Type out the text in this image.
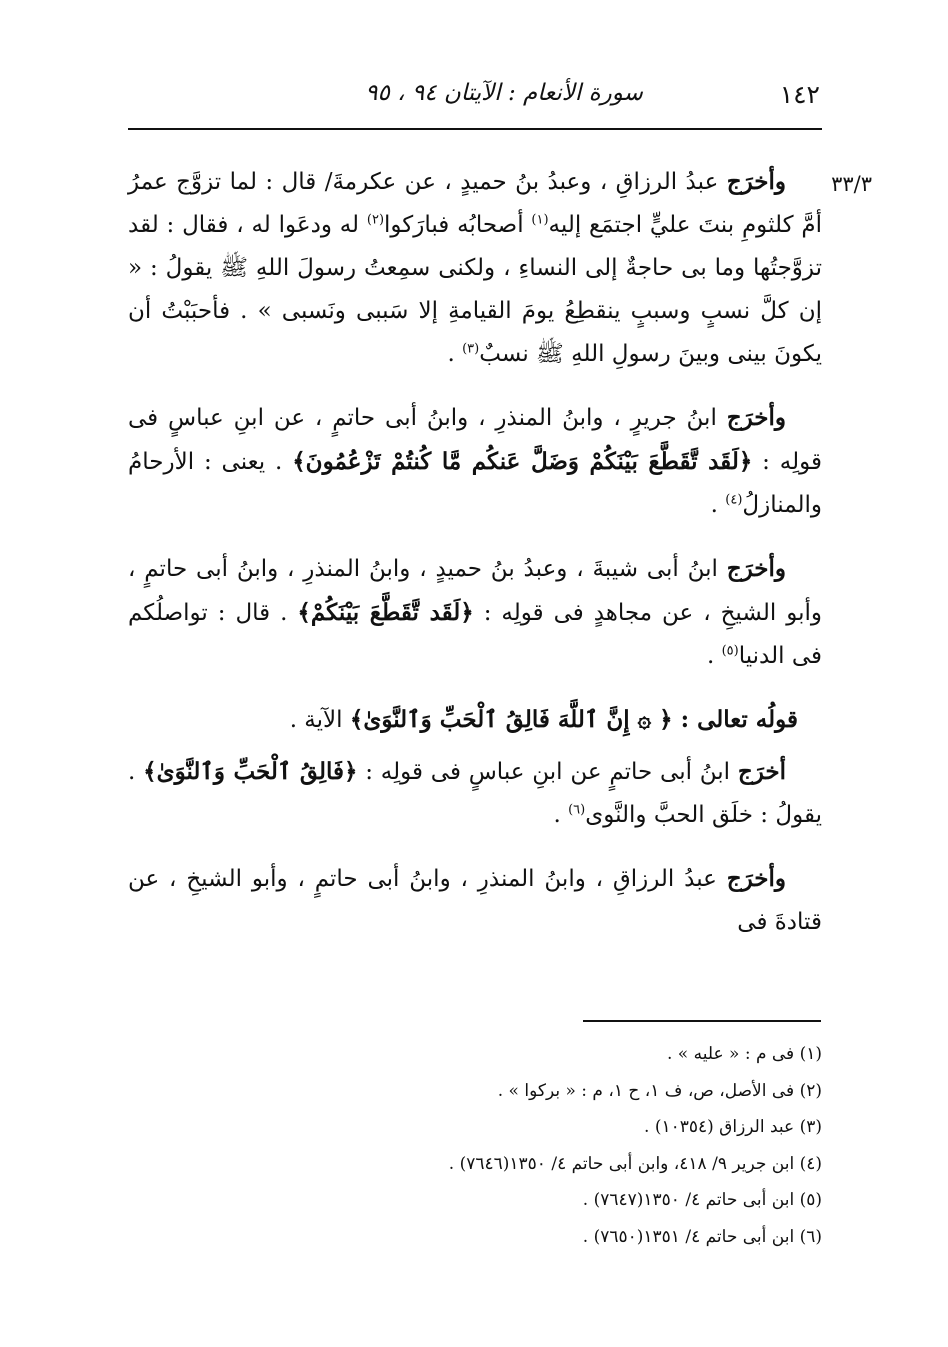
١٤٢
سورة الأنعام : الآيتان ٩٤ ، ٩٥
٣٣/٣

وأخرَج عبدُ الرزاقِ ، وعبدُ بنُ حميدٍ ، عن عكرمةَ/ قال : لما تزوَّج عمرُ أمَّ كلثومِ بنتَ عليٍّ اجتمَع إليه$^{(١)}$ أصحابُه فبارَكوا$^{(٢)}$ له ودعَوا له ، فقال : لقد تزوَّجتُها وما بى حاجةٌ إلى النساءِ ، ولكنى سمِعتُ رسولَ اللهِ ﷺ يقولُ : « إن كلَّ نسبٍ وسببٍ ينقطِعُ يومَ القيامةِ إلا سَببى ونَسبى » . فأحبَبْتُ أن يكونَ بينى وبينَ رسولِ اللهِ ﷺ نسبٌ$^{(٣)}$ .

وأخرَج ابنُ جريرٍ ، وابنُ المنذرِ ، وابنُ أبى حاتمٍ ، عن ابنِ عباسٍ فى قولِه : ﴿لَقَد تَّقَطَّعَ بَيْنَكُمْ وَضَلَّ عَنكُم مَّا كُنتُمْ تَزْعُمُونَ﴾ . يعنى : الأرحامُ والمنازلُ$^{(٤)}$ .

وأخرَج ابنُ أبى شيبةَ ، وعبدُ بنُ حميدٍ ، وابنُ المنذرِ ، وابنُ أبى حاتمٍ ، وأبو الشيخِ ، عن مجاهدٍ فى قولِه : ﴿لَقَد تَّقَطَّعَ بَيْنَكُمْ﴾ . قال : تواصلُكم فى الدنيا$^{(٥)}$ .

قولُه تعالى : ﴿ ۞ إِنَّ ٱللَّهَ فَالِقُ ٱلْحَبِّ وَٱلنَّوَىٰ﴾ الآية .

أخرَج ابنُ أبى حاتمٍ عن ابنِ عباسٍ فى قولِه : ﴿فَالِقُ ٱلْحَبِّ وَٱلنَّوَىٰ﴾ . يقولُ : خلَق الحبَّ والنَّوى$^{(٦)}$ .

وأخرَج عبدُ الرزاقِ ، وابنُ المنذرِ ، وابنُ أبى حاتمٍ ، وأبو الشيخِ ، عن قتادةَ فى

(١) فى م : « عليه » .
(٢) فى الأصل، ص، ف ١، ح ١، م : « بركوا » .
(٣) عبد الرزاق (١٠٣٥٤) .
(٤) ابن جرير ٩/ ٤١٨، وابن أبى حاتم ٤/ ١٣٥٠(٧٦٤٦) .
(٥) ابن أبى حاتم ٤/ ١٣٥٠(٧٦٤٧) .
(٦) ابن أبى حاتم ٤/ ١٣٥١(٧٦٥٠) .
